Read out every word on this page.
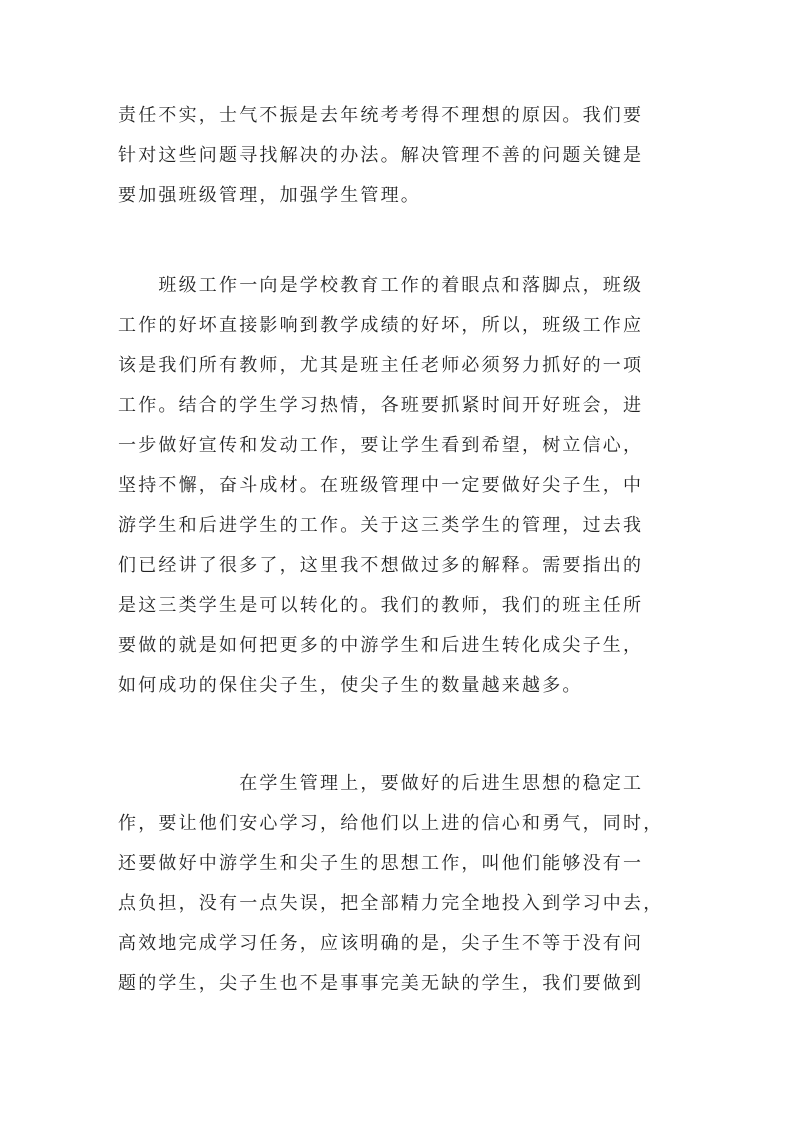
责任不实，士气不振是去年统考考得不理想的原因。我们要
针对这些问题寻找解决的办法。解决管理不善的问题关键是
要加强班级管理，加强学生管理。

　　班级工作一向是学校教育工作的着眼点和落脚点，班级
工作的好坏直接影响到教学成绩的好坏，所以，班级工作应
该是我们所有教师，尤其是班主任老师必须努力抓好的一项
工作。结合的学生学习热情，各班要抓紧时间开好班会，进
一步做好宣传和发动工作，要让学生看到希望，树立信心，
坚持不懈，奋斗成材。在班级管理中一定要做好尖子生，中
游学生和后进学生的工作。关于这三类学生的管理，过去我
们已经讲了很多了，这里我不想做过多的解释。需要指出的
是这三类学生是可以转化的。我们的教师，我们的班主任所
要做的就是如何把更多的中游学生和后进生转化成尖子生，
如何成功的保住尖子生，使尖子生的数量越来越多。

　　　　　　在学生管理上，要做好的后进生思想的稳定工
作，要让他们安心学习，给他们以上进的信心和勇气，同时，
还要做好中游学生和尖子生的思想工作，叫他们能够没有一
点负担，没有一点失误，把全部精力完全地投入到学习中去，
高效地完成学习任务，应该明确的是，尖子生不等于没有问
题的学生，尖子生也不是事事完美无缺的学生，我们要做到
